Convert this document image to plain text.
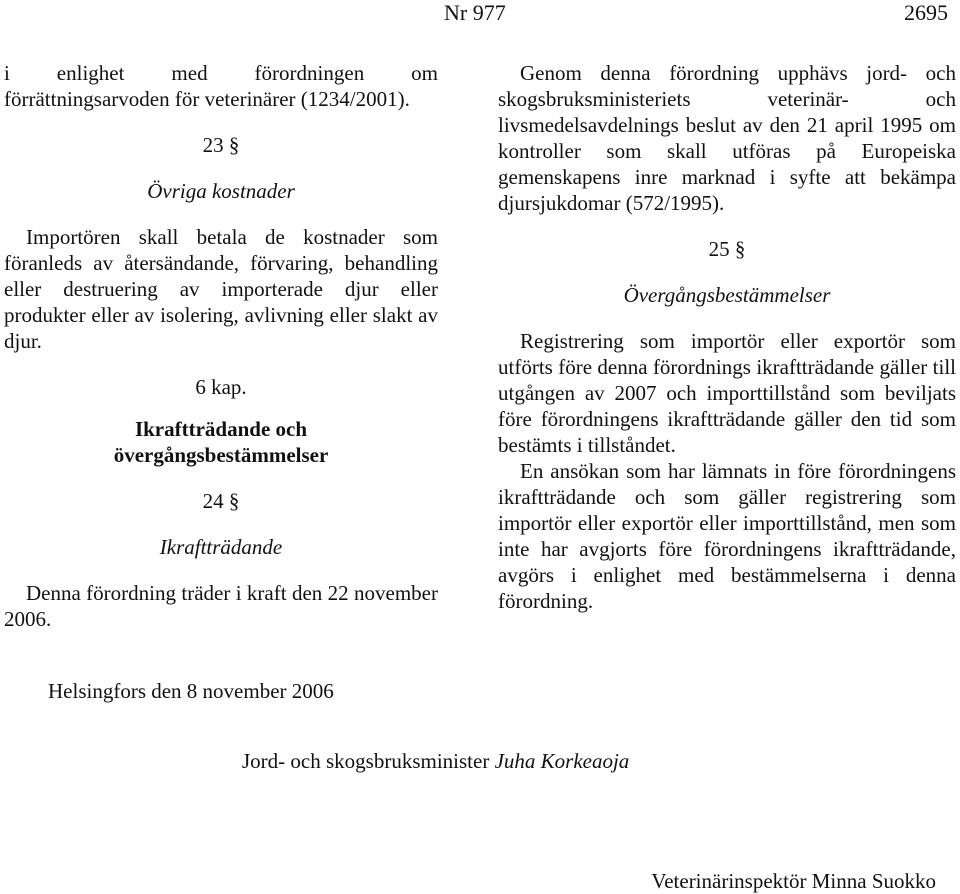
Nr 977	2695

i enlighet med förordningen om förrättningsarvoden för veterinärer (1234/2001).

23 §

Övriga kostnader

Importören skall betala de kostnader som föranleds av återsändande, förvaring, behandling eller destruering av importerade djur eller produkter eller av isolering, avlivning eller slakt av djur.

6 kap.

Ikraftträdande och övergångsbestämmelser

24 §

Ikraftträdande

Denna förordning träder i kraft den 22 november 2006.

Genom denna förordning upphävs jord- och skogsbruksministeriets veterinär- och livsmedelsavdelnings beslut av den 21 april 1995 om kontroller som skall utföras på Europeiska gemenskapens inre marknad i syfte att bekämpa djursjukdomar (572/1995).

25 §

Övergångsbestämmelser

Registrering som importör eller exportör som utförts före denna förordnings ikraftträdande gäller till utgången av 2007 och importtillstånd som beviljats före förordningens ikraftträdande gäller den tid som bestämts i tillståndet.

En ansökan som har lämnats in före förordningens ikraftträdande och som gäller registrering som importör eller exportör eller importtillstånd, men som inte har avgjorts före förordningens ikraftträdande, avgörs i enlighet med bestämmelserna i denna förordning.

Helsingfors den 8 november 2006
Jord- och skogsbruksminister Juha Korkeaoja
Veterinärinspektör Minna Suokko
